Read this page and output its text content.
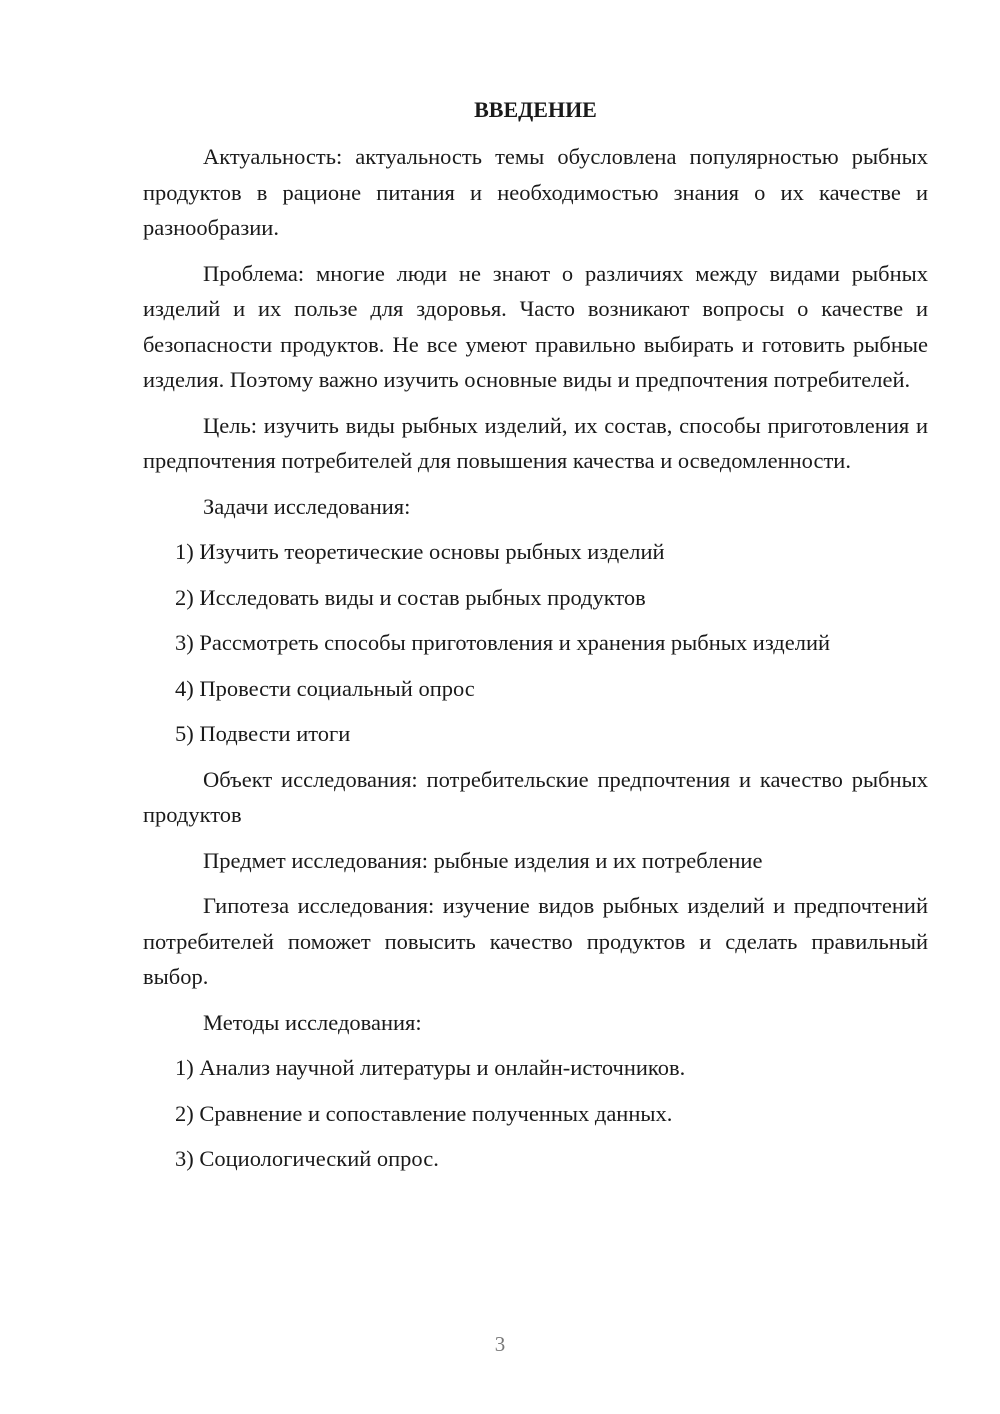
ВВЕДЕНИЕ

Актуальность: актуальность темы обусловлена популярностью рыбных продуктов в рационе питания и необходимостью знания о их качестве и разнообразии.

Проблема: многие люди не знают о различиях между видами рыбных изделий и их пользе для здоровья. Часто возникают вопросы о качестве и безопасности продуктов. Не все умеют правильно выбирать и готовить рыбные изделия. Поэтому важно изучить основные виды и предпочтения потребителей.

Цель: изучить виды рыбных изделий, их состав, способы приготовления и предпочтения потребителей для повышения качества и осведомленности.

Задачи исследования:

1) Изучить теоретические основы рыбных изделий
2) Исследовать виды и состав рыбных продуктов
3) Рассмотреть способы приготовления и хранения рыбных изделий
4) Провести социальный опрос
5) Подвести итоги

Объект исследования: потребительские предпочтения и качество рыбных продуктов

Предмет исследования: рыбные изделия и их потребление

Гипотеза исследования: изучение видов рыбных изделий и предпочтений потребителей поможет повысить качество продуктов и сделать правильный выбор.

Методы исследования:

1) Анализ научной литературы и онлайн-источников.
2) Сравнение и сопоставление полученных данных.
3) Социологический опрос.
3
